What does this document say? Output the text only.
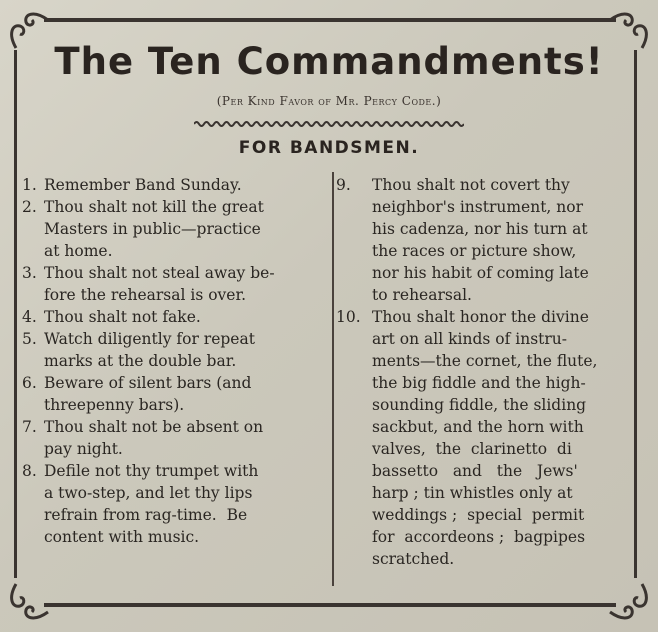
The Ten Commandments!
(Per Kind Favor of Mr. Percy Code.)
FOR BANDSMEN.
1. Remember Band Sunday.
2. Thou shalt not kill the great
Masters in public—practice
at home.
3. Thou shalt not steal away be-
fore the rehearsal is over.
4. Thou shalt not fake.
5. Watch diligently for repeat
marks at the double bar.
6. Beware of silent bars (and
threepenny bars).
7. Thou shalt not be absent on
pay night.
8. Defile not thy trumpet with
a two-step, and let thy lips
refrain from rag-time.  Be
content with music.
9.	Thou shalt not covert thy
neighbor's instrument, nor
his cadenza, nor his turn at
the races or picture show,
nor his habit of coming late
to rehearsal.
10. Thou shalt honor the divine
art on all kinds of instru-
ments—the cornet, the flute,
the big fiddle and the high-
sounding fiddle, the sliding
sackbut, and the horn with
valves,  the  clarinetto  di
bassetto   and   the   Jews'
harp ; tin whistles only at
weddings ;  special  permit
for  accordeons ;  bagpipes
scratched.
